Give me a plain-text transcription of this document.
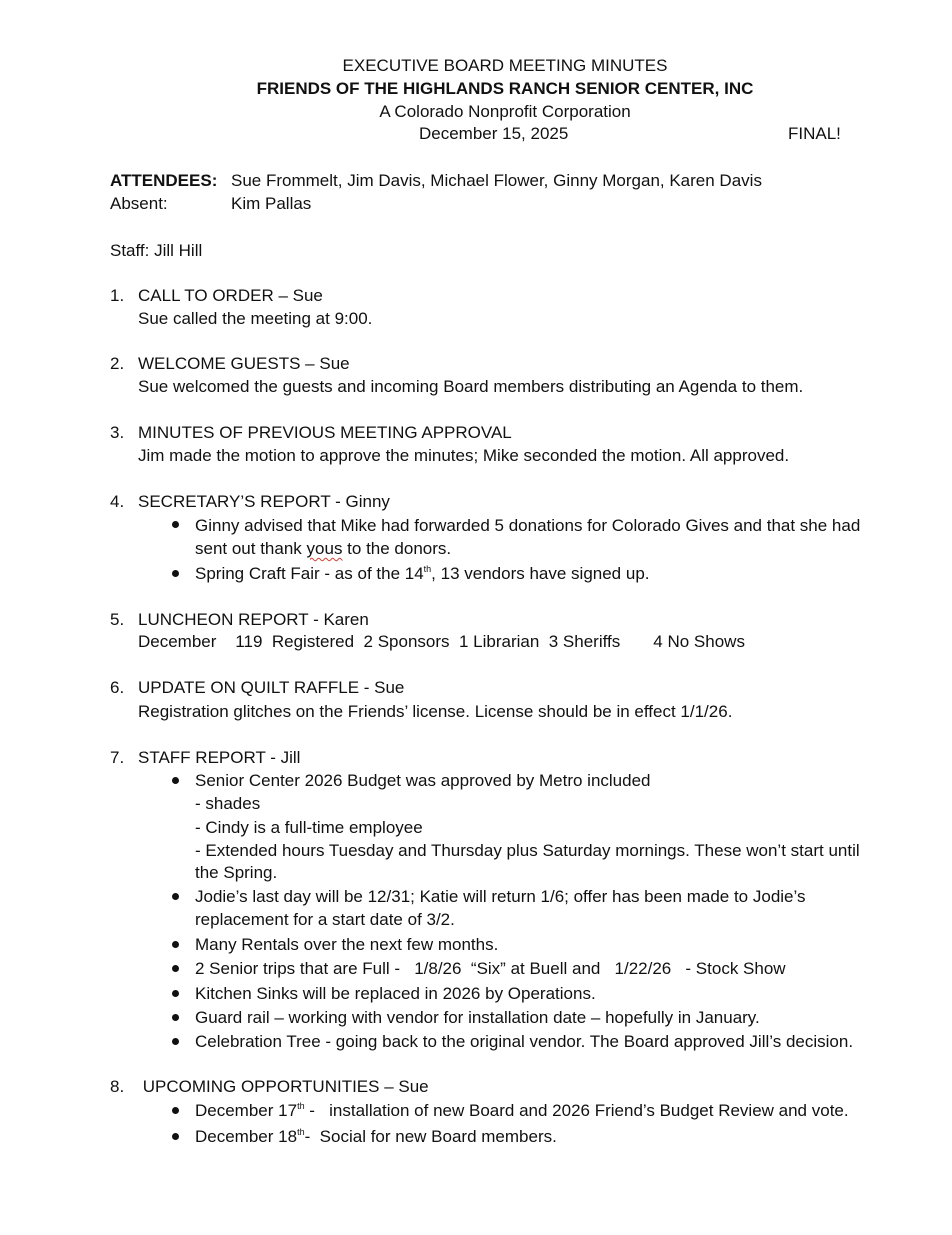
EXECUTIVE BOARD MEETING MINUTES
FRIENDS OF THE HIGHLANDS RANCH SENIOR CENTER, INC
A Colorado Nonprofit Corporation
December 15, 2025	FINAL!
ATTENDEES: Sue Frommelt, Jim Davis, Michael Flower, Ginny Morgan, Karen Davis
Absent:	Kim Pallas
Staff: Jill Hill
1. CALL TO ORDER – Sue
Sue called the meeting at 9:00.
2. WELCOME GUESTS – Sue
Sue welcomed the guests and incoming Board members distributing an Agenda to them.
3. MINUTES OF PREVIOUS MEETING APPROVAL
Jim made the motion to approve the minutes; Mike seconded the motion. All approved.
4. SECRETARY’S REPORT - Ginny
Ginny advised that Mike had forwarded 5 donations for Colorado Gives and that she had
sent out thank yous to the donors.
Spring Craft Fair - as of the 14th, 13 vendors have signed up.
5. LUNCHEON REPORT - Karen
December    119  Registered  2 Sponsors  1 Librarian  3 Sheriffs       4 No Shows
6. UPDATE ON QUILT RAFFLE - Sue
Registration glitches on the Friends’ license. License should be in effect 1/1/26.
7. STAFF REPORT - Jill
Senior Center 2026 Budget was approved by Metro included
- shades
- Cindy is a full-time employee
- Extended hours Tuesday and Thursday plus Saturday mornings. These won’t start until
the Spring.
Jodie’s last day will be 12/31; Katie will return 1/6; offer has been made to Jodie’s
replacement for a start date of 3/2.
Many Rentals over the next few months.
2 Senior trips that are Full -   1/8/26  “Six” at Buell and   1/22/26   - Stock Show
Kitchen Sinks will be replaced in 2026 by Operations.
Guard rail – working with vendor for installation date – hopefully in January.
Celebration Tree - going back to the original vendor. The Board approved Jill’s decision.
8. UPCOMING OPPORTUNITIES – Sue
December 17th -   installation of new Board and 2026 Friend’s Budget Review and vote.
December 18th-  Social for new Board members.
